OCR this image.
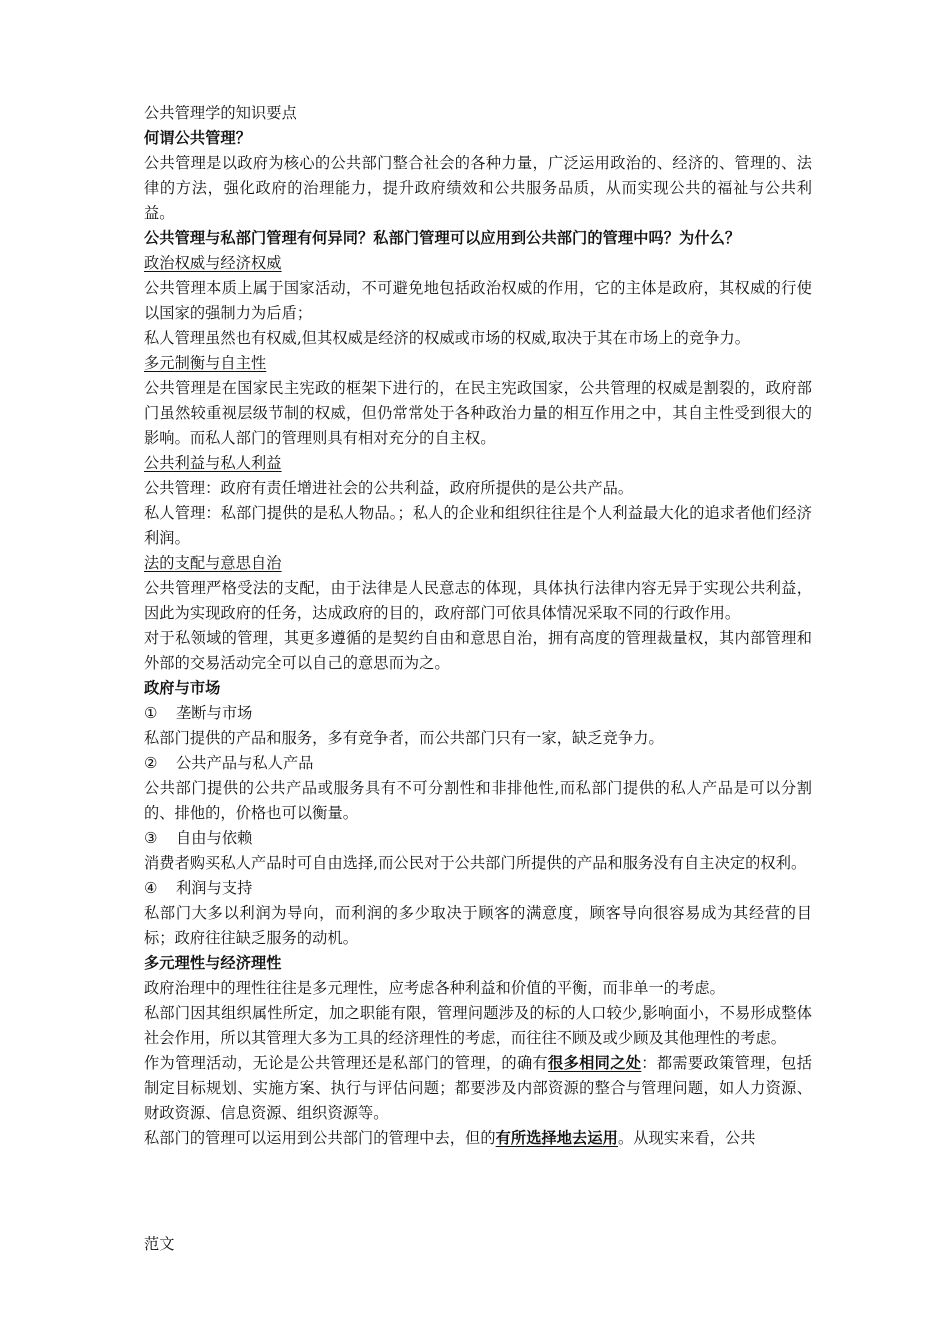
公共管理学的知识要点

何谓公共管理？

公共管理是以政府为核心的公共部门整合社会的各种力量，广泛运用政治的、经济的、管理的、法律的方法，强化政府的治理能力，提升政府绩效和公共服务品质，从而实现公共的福祉与公共利益。

公共管理与私部门管理有何异同？私部门管理可以应用到公共部门的管理中吗？为什么？

政治权威与经济权威

公共管理本质上属于国家活动，不可避免地包括政治权威的作用，它的主体是政府，其权威的行使以国家的强制力为后盾；

私人管理虽然也有权威,但其权威是经济的权威或市场的权威,取决于其在市场上的竞争力。

多元制衡与自主性

公共管理是在国家民主宪政的框架下进行的，在民主宪政国家，公共管理的权威是割裂的，政府部门虽然较重视层级节制的权威，但仍常常处于各种政治力量的相互作用之中，其自主性受到很大的影响。而私人部门的管理则具有相对充分的自主权。

公共利益与私人利益

公共管理：政府有责任增进社会的公共利益，政府所提供的是公共产品。

私人管理：私部门提供的是私人物品。；私人的企业和组织往往是个人利益最大化的追求者他们经济利润。

法的支配与意思自治

公共管理严格受法的支配，由于法律是人民意志的体现，具体执行法律内容无异于实现公共利益，因此为实现政府的任务，达成政府的目的，政府部门可依具体情况采取不同的行政作用。

对于私领域的管理，其更多遵循的是契约自由和意思自治，拥有高度的管理裁量权，其内部管理和外部的交易活动完全可以自己的意思而为之。

政府与市场

①	垄断与市场

私部门提供的产品和服务，多有竞争者，而公共部门只有一家，缺乏竞争力。

②	公共产品与私人产品

公共部门提供的公共产品或服务具有不可分割性和非排他性,而私部门提供的私人产品是可以分割的、排他的，价格也可以衡量。

③	自由与依赖

消费者购买私人产品时可自由选择,而公民对于公共部门所提供的产品和服务没有自主决定的权利。

④	利润与支持

私部门大多以利润为导向，而利润的多少取决于顾客的满意度，顾客导向很容易成为其经营的目标；政府往往缺乏服务的动机。

多元理性与经济理性

政府治理中的理性往往是多元理性，应考虑各种利益和价值的平衡，而非单一的考虑。

私部门因其组织属性所定，加之职能有限，管理问题涉及的标的人口较少,影响面小，不易形成整体社会作用，所以其管理大多为工具的经济理性的考虑，而往往不顾及或少顾及其他理性的考虑。

作为管理活动，无论是公共管理还是私部门的管理，的确有很多相同之处：都需要政策管理，包括制定目标规划、实施方案、执行与评估问题；都要涉及内部资源的整合与管理问题，如人力资源、财政资源、信息资源、组织资源等。

私部门的管理可以运用到公共部门的管理中去，但的有所选择地去运用。从现实来看，公共

范文
